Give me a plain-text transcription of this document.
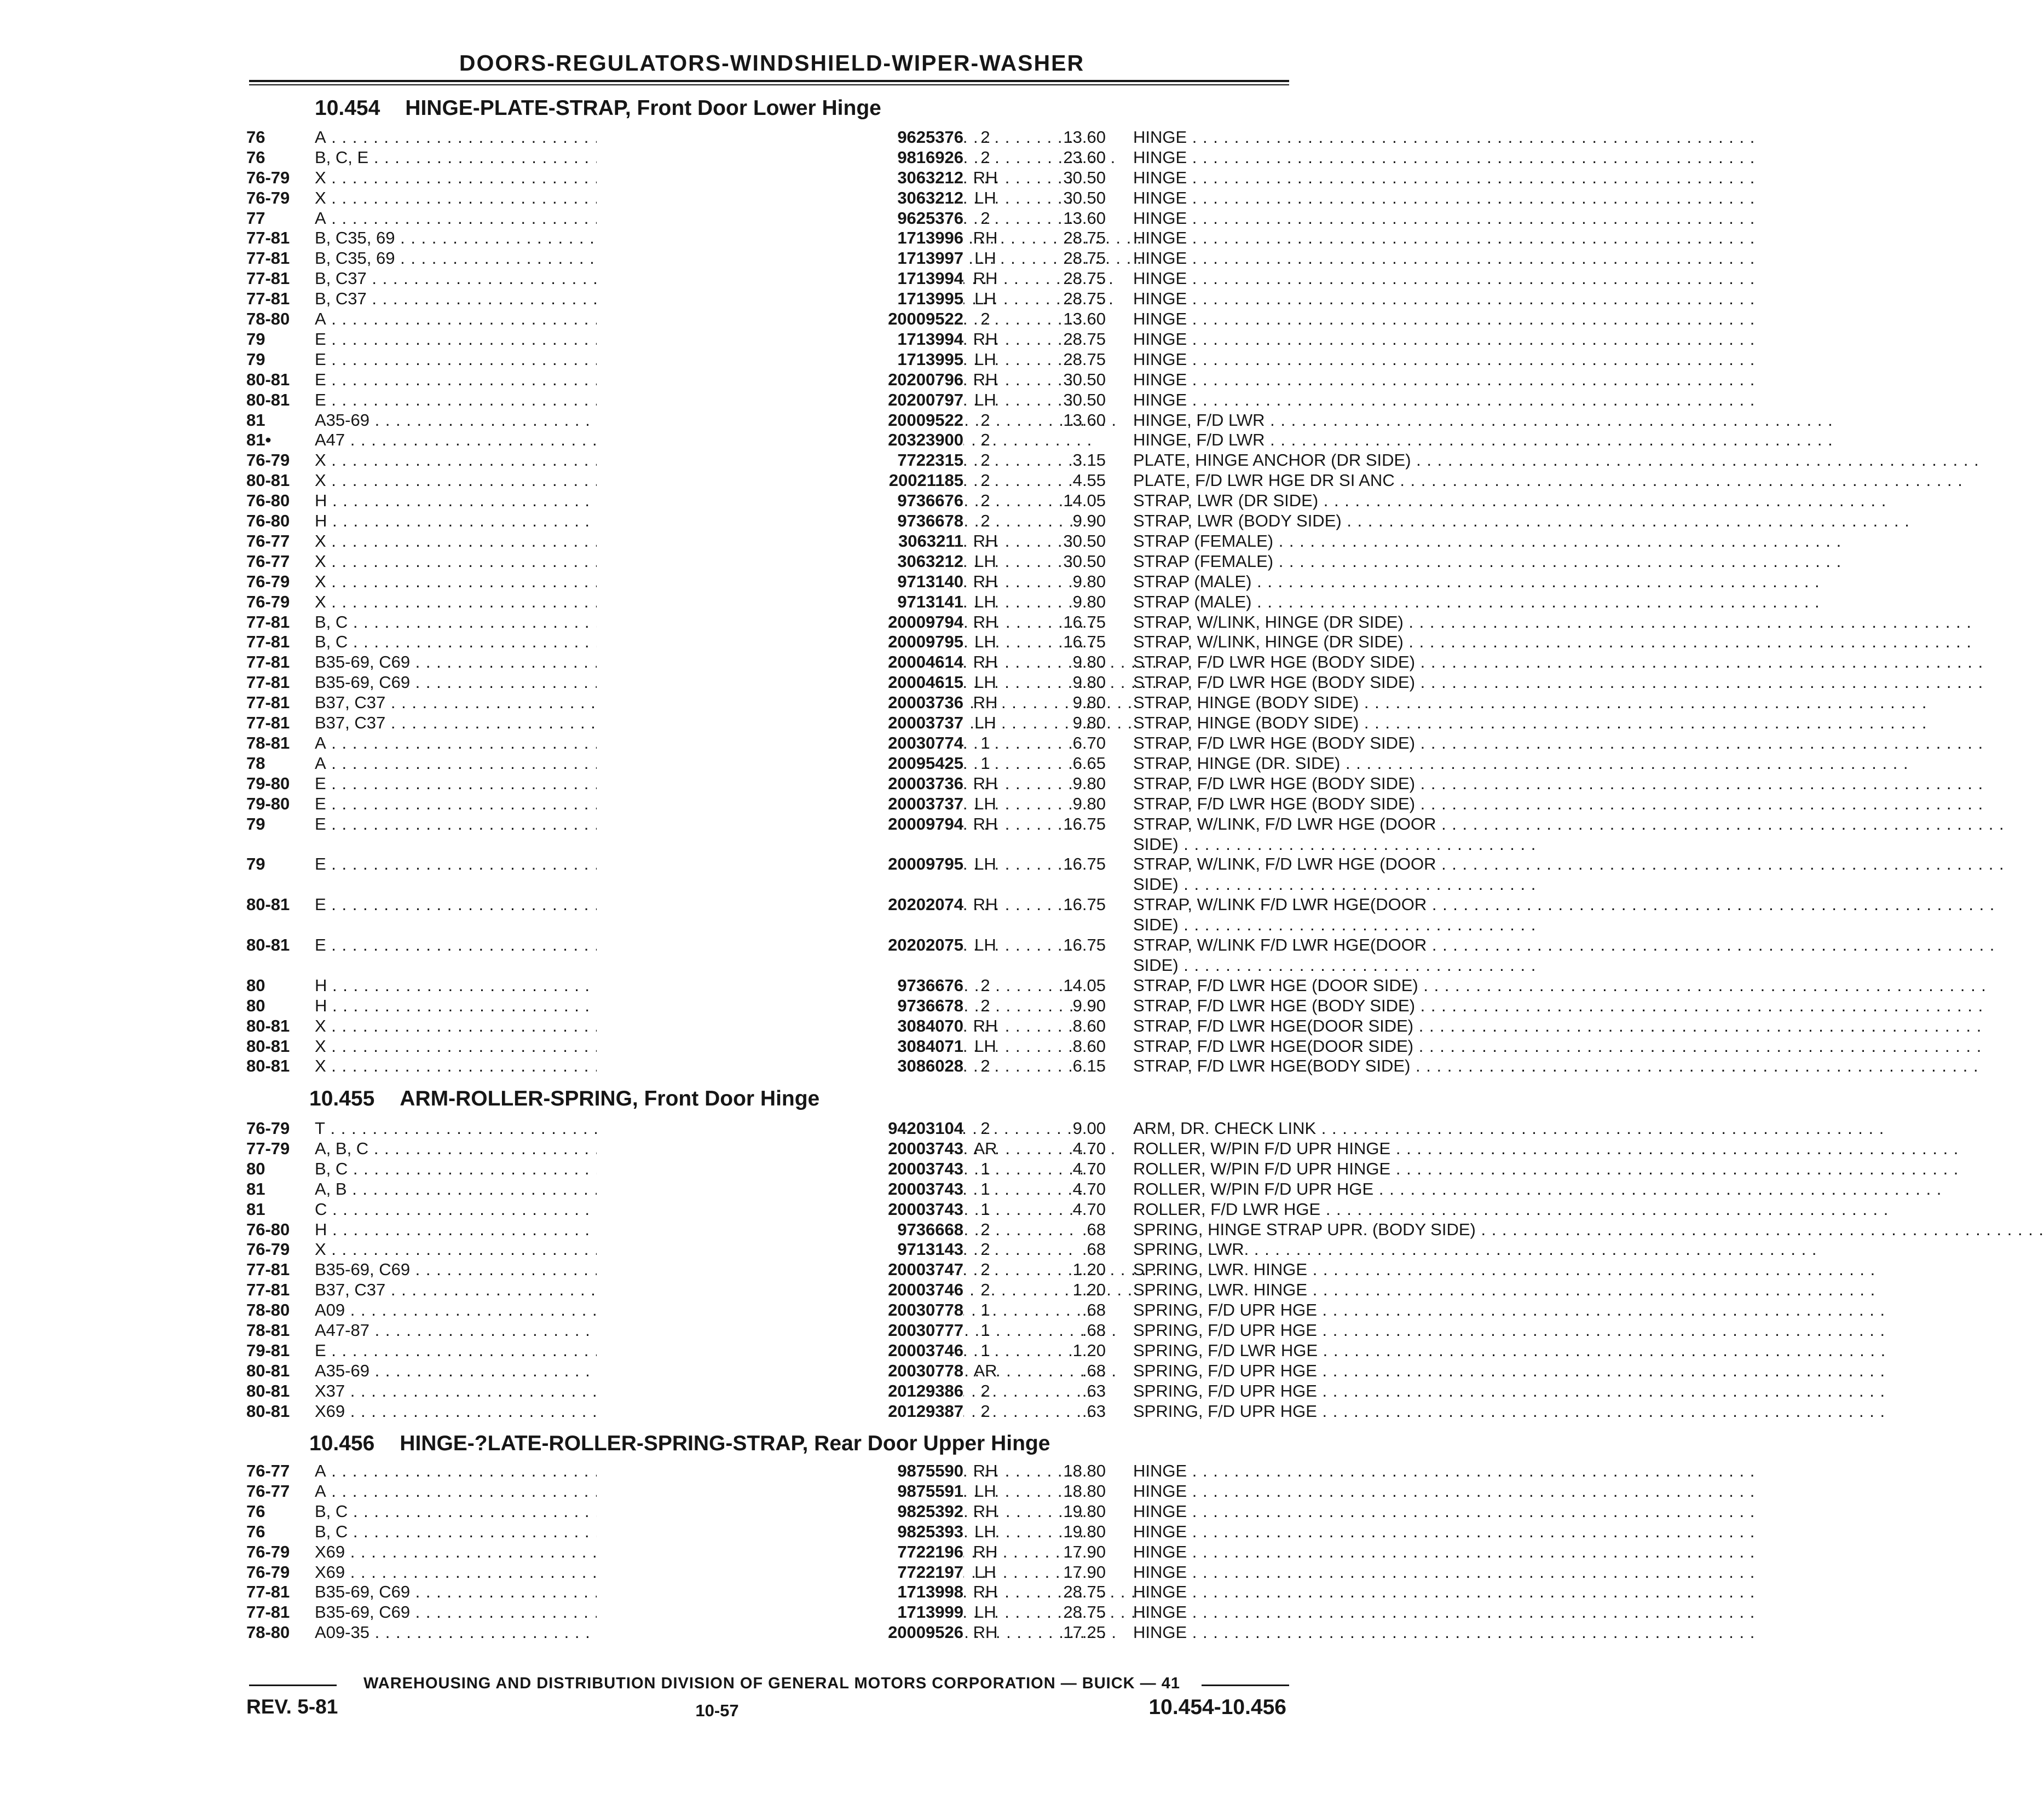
DOORS-REGULATORS-WINDSHIELD-WIPER-WASHER
10.454 HINGE-PLATE-STRAP, Front Door Lower Hinge
76	A . . .	9625376	2	13.60 HINGE . . .
76	B, C, E . . .	9816926	2	23.60 HINGE . . .
76-79 X . . .	3063212 RH	30.50 HINGE . . .
76-79 X . . .	3063212 LH	30.50 HINGE . . .
77	A . . .	9625376	2	13.60 HINGE . . .
77-81 B, C35, 69 . . .	1713996 RH	28.75 HINGE . . .
77-81 B, C35, 69 . . .	1713997 LH	28.75 HINGE . . .
77-81 B, C37 . . .	1713994 RH	28.75 HINGE . . .
77-81 B, C37 . . .	1713995 LH	28.75 HINGE . . .
78-80 A . . .	20009522	2	13.60 HINGE . . .
79	E . . .	1713994 RH	28.75 HINGE . . .
79	E . . .	1713995 LH	28.75 HINGE . . .
80-81 E . . .	20200796 RH	30.50 HINGE . . .
80-81 E . . .	20200797 LH	30.50 HINGE . . .
81	A35-69 . . .	20009522	2	13.60 HINGE, F/D LWR . . .
81•	A47 . . .	20323900	2	HINGE, F/D LWR . . .
76-79 X . . .	7722315	2	3.15 PLATE, HINGE ANCHOR (DR SIDE) . . .
80-81 X . . .	20021185	2	4.55 PLATE, F/D LWR HGE DR SI ANC . . .
76-80 H . . .	9736676	2	14.05 STRAP, LWR (DR SIDE) . . .
76-80 H . . .	9736678	2	9.90 STRAP, LWR (BODY SIDE) . . .
76-77 X . . .	3063211 RH	30.50 STRAP (FEMALE) . . .
76-77 X . . .	3063212 LH	30.50 STRAP (FEMALE) . . .
76-79 X . . .	9713140 RH	9.80 STRAP (MALE) . . .
76-79 X . . .	9713141 LH	9.80 STRAP (MALE) . . .
77-81 B, C . . .	20009794 RH	16.75 STRAP, W/LINK, HINGE (DR SIDE) . . .
77-81 B, C . . .	20009795 LH	16.75 STRAP, W/LINK, HINGE (DR SIDE) . . .
77-81 B35-69, C69 . . .	20004614 RH	9.80 STRAP, F/D LWR HGE (BODY SIDE) . . .
77-81 B35-69, C69 . . .	20004615 LH	9.80 STRAP, F/D LWR HGE (BODY SIDE) . . .
77-81 B37, C37 . . .	20003736 RH	9.80 STRAP, HINGE (BODY SIDE) . . .
77-81 B37, C37 . . .	20003737 LH	9.80 STRAP, HINGE (BODY SIDE) . . .
78-81 A . . .	20030774	1	6.70 STRAP, F/D LWR HGE (BODY SIDE) . . .
78	A . . .	20095425	1	6.65 STRAP, HINGE (DR. SIDE) . . .
79-80 E . . .	20003736 RH	9.80 STRAP, F/D LWR HGE (BODY SIDE) . . .
79-80 E . . .	20003737 LH	9.80 STRAP, F/D LWR HGE (BODY SIDE) . . .
79	E . . .	20009794 RH	16.75 STRAP, W/LINK, F/D LWR HGE (DOOR . . .
SIDE) . . .
79	E . . .	20009795 LH	16.75 STRAP, W/LINK, F/D LWR HGE (DOOR . . .
SIDE) . . .
80-81 E . . .	20202074 RH	16.75 STRAP, W/LINK F/D LWR HGE(DOOR . . .
SIDE) . . .
80-81 E . . .	20202075 LH	16.75 STRAP, W/LINK F/D LWR HGE(DOOR . . .
SIDE) . . .
80	H . . .	9736676	2	14.05 STRAP, F/D LWR HGE (DOOR SIDE) . . .
80	H . . .	9736678	2	9.90 STRAP, F/D LWR HGE (BODY SIDE) . . .
80-81 X . . .	3084070 RH	8.60 STRAP, F/D LWR HGE(DOOR SIDE) . . .
80-81 X . . .	3084071 LH	8.60 STRAP, F/D LWR HGE(DOOR SIDE) . . .
80-81 X . . .	3086028	2	6.15 STRAP, F/D LWR HGE(BODY SIDE) . . .
10.455 ARM-ROLLER-SPRING, Front Door Hinge
76-79 T . . .	94203104	2	9.00 ARM, DR. CHECK LINK . . .
77-79 A, B, C . . .	20003743 AR	4.70 ROLLER, W/PIN F/D UPR HINGE . . .
80	B, C . . .	20003743	1	4.70 ROLLER, W/PIN F/D UPR HINGE . . .
81	A, B . . .	20003743	1	4.70 ROLLER, W/PIN F/D UPR HGE . . .
81	C . . .	20003743	1	4.70 ROLLER, F/D LWR HGE . . .
76-80 H . . .	9736668	2	.68 SPRING, HINGE STRAP UPR. (BODY SIDE) . . .
76-79 X . . .	9713143	2	.68 SPRING, LWR. . . .
77-81 B35-69, C69 . . .	20003747	2	1.20 SPRING, LWR. HINGE . . .
77-81 B37, C37 . . .	20003746	2	1.20 SPRING, LWR. HINGE . . .
78-80 A09 . . .	20030778	1	.68 SPRING, F/D UPR HGE . . .
78-81 A47-87 . . .	20030777	1	.68 SPRING, F/D UPR HGE . . .
79-81 E . . .	20003746	1	1.20 SPRING, F/D LWR HGE . . .
80-81 A35-69 . . .	20030778 AR	.68 SPRING, F/D UPR HGE . . .
80-81 X37 . . .	20129386	2	.63 SPRING, F/D UPR HGE . . .
80-81 X69 . . .	20129387	2	.63 SPRING, F/D UPR HGE . . .
10.456 HINGE-?LATE-ROLLER-SPRING-STRAP, Rear Door Upper Hinge
76-77 A . . .	9875590 RH	18.80 HINGE . . .
76-77 A . . .	9875591 LH	18.80 HINGE . . .
76	B, C . . .	9825392 RH	19.80 HINGE . . .
76	B, C . . .	9825393 LH	19.80 HINGE . . .
76-79 X69 . . .	7722196 RH	17.90 HINGE . . .
76-79 X69 . . .	7722197 LH	17.90 HINGE . . .
77-81 B35-69, C69 . . .	1713998 RH	28.75 HINGE . . .
77-81 B35-69, C69 . . .	1713999 LH	28.75 HINGE . . .
78-80 A09-35 . . .	20009526 RH	17.25 HINGE . . .
WAREHOUSING AND DISTRIBUTION DIVISION OF GENERAL MOTORS CORPORATION — BUICK — 41
REV. 5-81	10-57	10.454-10.456
